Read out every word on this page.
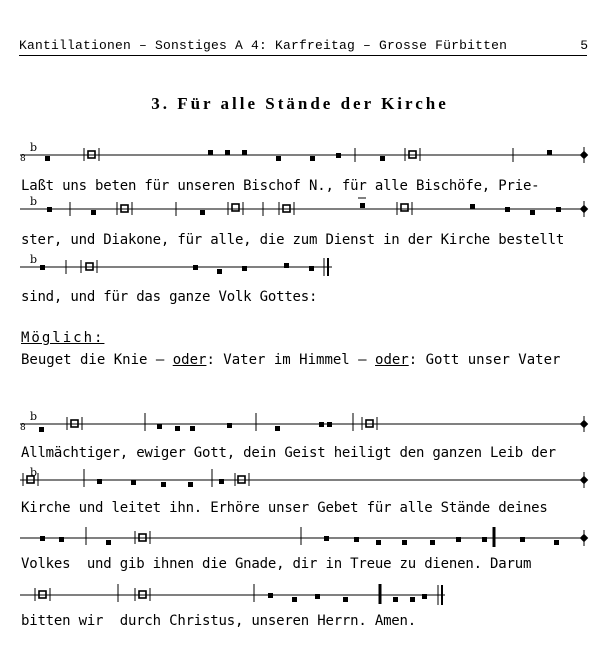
Kantillationen – Sonstiges A 4: Karfreitag – Grosse Fürbitten	5
3. Für alle Stände der Kirche
b
8
Laßt uns beten für unseren Bischof N., für alle Bischöfe, Prie-
b
ster, und Diakone, für alle, die zum Dienst in der Kirche bestellt
b
sind, und für das ganze Volk Gottes:
Möglich:
Beuget die Knie – oder: Vater im Himmel – oder: Gott unser Vater
b
8
Allmächtiger, ewiger Gott, dein Geist heiligt den ganzen Leib der
b
Kirche und leitet ihn. Erhöre unser Gebet für alle Stände deines
Volkes  und gib ihnen die Gnade, dir in Treue zu dienen. Darum
bitten wir  durch Christus, unseren Herrn. Amen.
